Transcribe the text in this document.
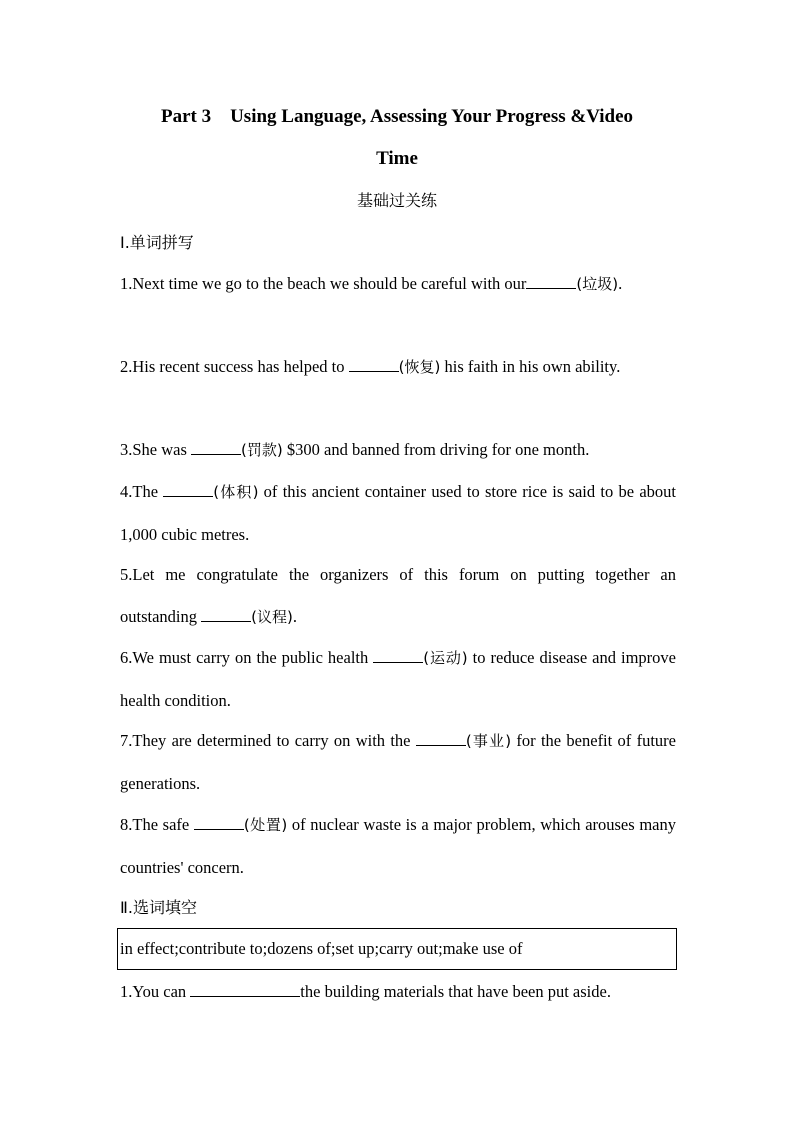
Part 3　Using Language, Assessing Your Progress &Video
Time
基础过关练
Ⅰ.单词拼写
1.Next time we go to the beach we should be careful with our	(垃圾).
2.His recent success has helped to	(恢复) his faith in his own ability.
3.She was	(罚款) $300 and banned from driving for one month.
4.The	(体积) of this ancient container used to store rice is said to be about 1,000 cubic metres.
5.Let me congratulate the organizers of this forum on putting together an outstanding	(议程).
6.We must carry on the public health	(运动) to reduce disease and improve health condition.
7.They are determined to carry on with the	(事业) for the benefit of future generations.
8.The safe	(处置) of nuclear waste is a major problem, which arouses many countries' concern.
Ⅱ.选词填空
in effect;contribute to;dozens of;set up;carry out;make use of
1.You can	the building materials that have been put aside.
